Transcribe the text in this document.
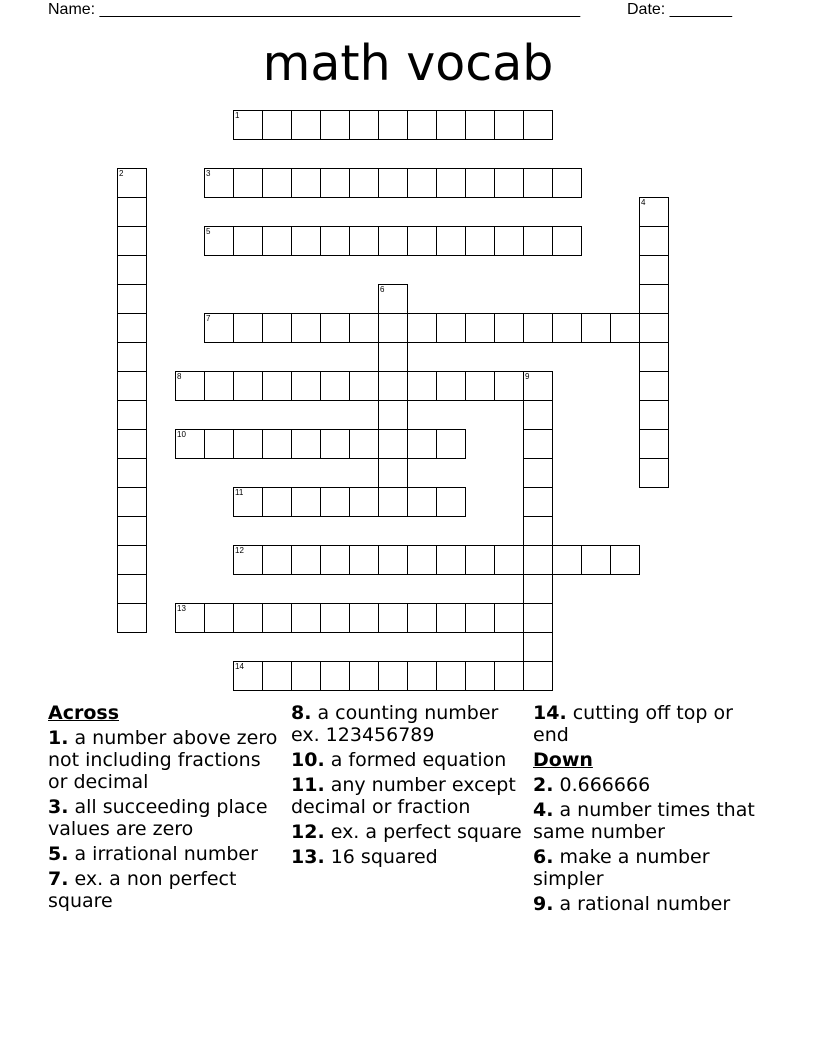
Name: ______________________________________________________	Date: _______
math vocab
1
2	3
4
5
6
7
8	9
10
11
12
13
14
Across
1. a number above zero not including fractions or decimal
3. all succeeding place values are zero
5. a irrational number
7. ex. a non perfect square
8. a counting number ex. 123456789
10. a formed equation
11. any number except decimal or fraction
12. ex. a perfect square
13. 16 squared
14. cutting off top or end
Down
2. 0.666666
4. a number times that same number
6. make a number simpler
9. a rational number
